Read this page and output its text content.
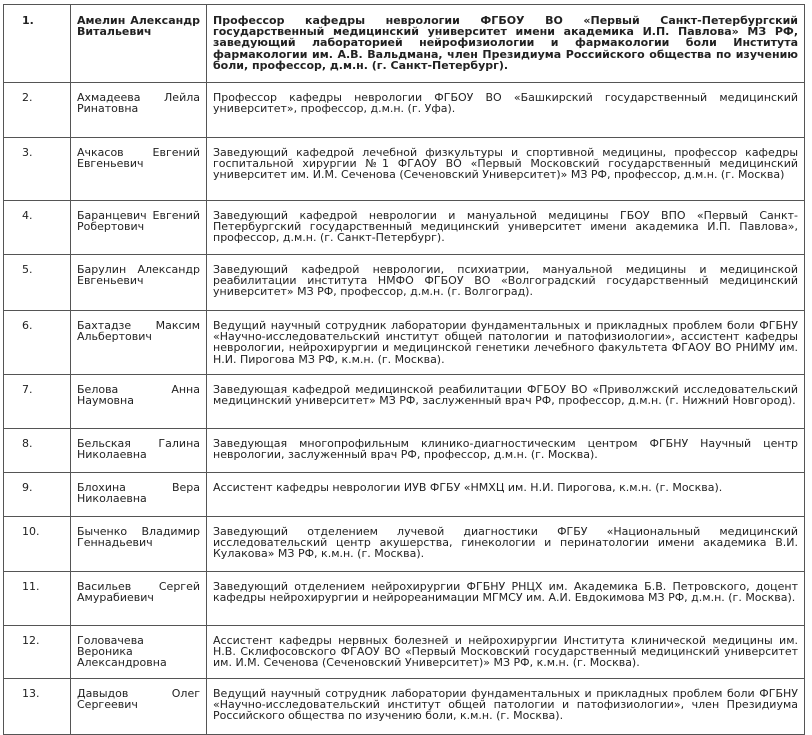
1.	Амелин Александр Витальевич	Профессор кафедры неврологии ФГБОУ ВО «Первый Санкт-Петербургский государственный медицинский университет имени академика И.П. Павлова» МЗ РФ, заведующий лабораторией нейрофизиологии и фармакологии боли Института фармакологии им. А.В. Вальдмана, член Президиума Российского общества по изучению боли, профессор, д.м.н. (г. Санкт-Петербург).
2.	Ахмадеева Лейла Ринатовна	Профессор кафедры неврологии ФГБОУ ВО «Башкирский государственный медицинский университет», профессор, д.м.н. (г. Уфа).
3.	Ачкасов Евгений Евгеньевич	Заведующий кафедрой лечебной физкультуры и спортивной медицины, профессор кафедры госпитальной хирургии №1 ФГАОУ ВО «Первый Московский государственный медицинский университет им. И.М. Сеченова (Сеченовский Университет)» МЗ РФ, профессор, д.м.н. (г. Москва)
4.	Баранцевич Евгений Робертович	Заведующий кафедрой неврологии и мануальной медицины ГБОУ ВПО «Первый Санкт-Петербургский государственный медицинский университет имени академика И.П. Павлова», профессор, д.м.н. (г. Санкт-Петербург).
5.	Барулин Александр Евгеньевич	Заведующий кафедрой неврологии, психиатрии, мануальной медицины и медицинской реабилитации института НМФО ФГБОУ ВО «Волгоградский государственный медицинский университет» МЗ РФ, профессор, д.м.н. (г. Волгоград).
6.	Бахтадзе Максим Альбертович	Ведущий научный сотрудник лаборатории фундаментальных и прикладных проблем боли ФГБНУ «Научно-исследовательский институт общей патологии и патофизиологии», ассистент кафедры неврологии, нейрохирургии и медицинской генетики лечебного факультета ФГАОУ ВО РНИМУ им. Н.И. Пирогова МЗ РФ, к.м.н. (г. Москва).
7.	Белова Анна Наумовна	Заведующая кафедрой медицинской реабилитации ФГБОУ ВО «Приволжский исследовательский медицинский университет» МЗ РФ, заслуженный врач РФ, профессор, д.м.н. (г. Нижний Новгород).
8.	Бельская Галина Николаевна	Заведующая многопрофильным клинико-диагностическим центром ФГБНУ Научный центр неврологии, заслуженный врач РФ, профессор, д.м.н. (г. Москва).
9.	Блохина Вера Николаевна	Ассистент кафедры неврологии ИУВ ФГБУ «НМХЦ им. Н.И. Пирогова, к.м.н. (г. Москва).
10.	Быченко Владимир Геннадьевич	Заведующий отделением лучевой диагностики ФГБУ «Национальный медицинский исследовательский центр акушерства, гинекологии и перинатологии имени академика В.И. Кулакова» МЗ РФ, к.м.н. (г. Москва).
11.	Васильев Сергей Амурабиевич	Заведующий отделением нейрохирургии ФГБНУ РНЦХ им. Академика Б.В. Петровского, доцент кафедры нейрохирургии и нейрореанимации МГМСУ им. А.И. Евдокимова МЗ РФ, д.м.н. (г. Москва).
12.	Головачева Вероника Александровна	Ассистент кафедры нервных болезней и нейрохирургии Института клинической медицины им. Н.В. Склифосовского ФГАОУ ВО «Первый Московский государственный медицинский университет им. И.М. Сеченова (Сеченовский Университет)» МЗ РФ, к.м.н. (г. Москва).
13.	Давыдов Олег Сергеевич	Ведущий научный сотрудник лаборатории фундаментальных и прикладных проблем боли ФГБНУ «Научно-исследовательский институт общей патологии и патофизиологии», член Президиума Российского общества по изучению боли, к.м.н. (г. Москва).
